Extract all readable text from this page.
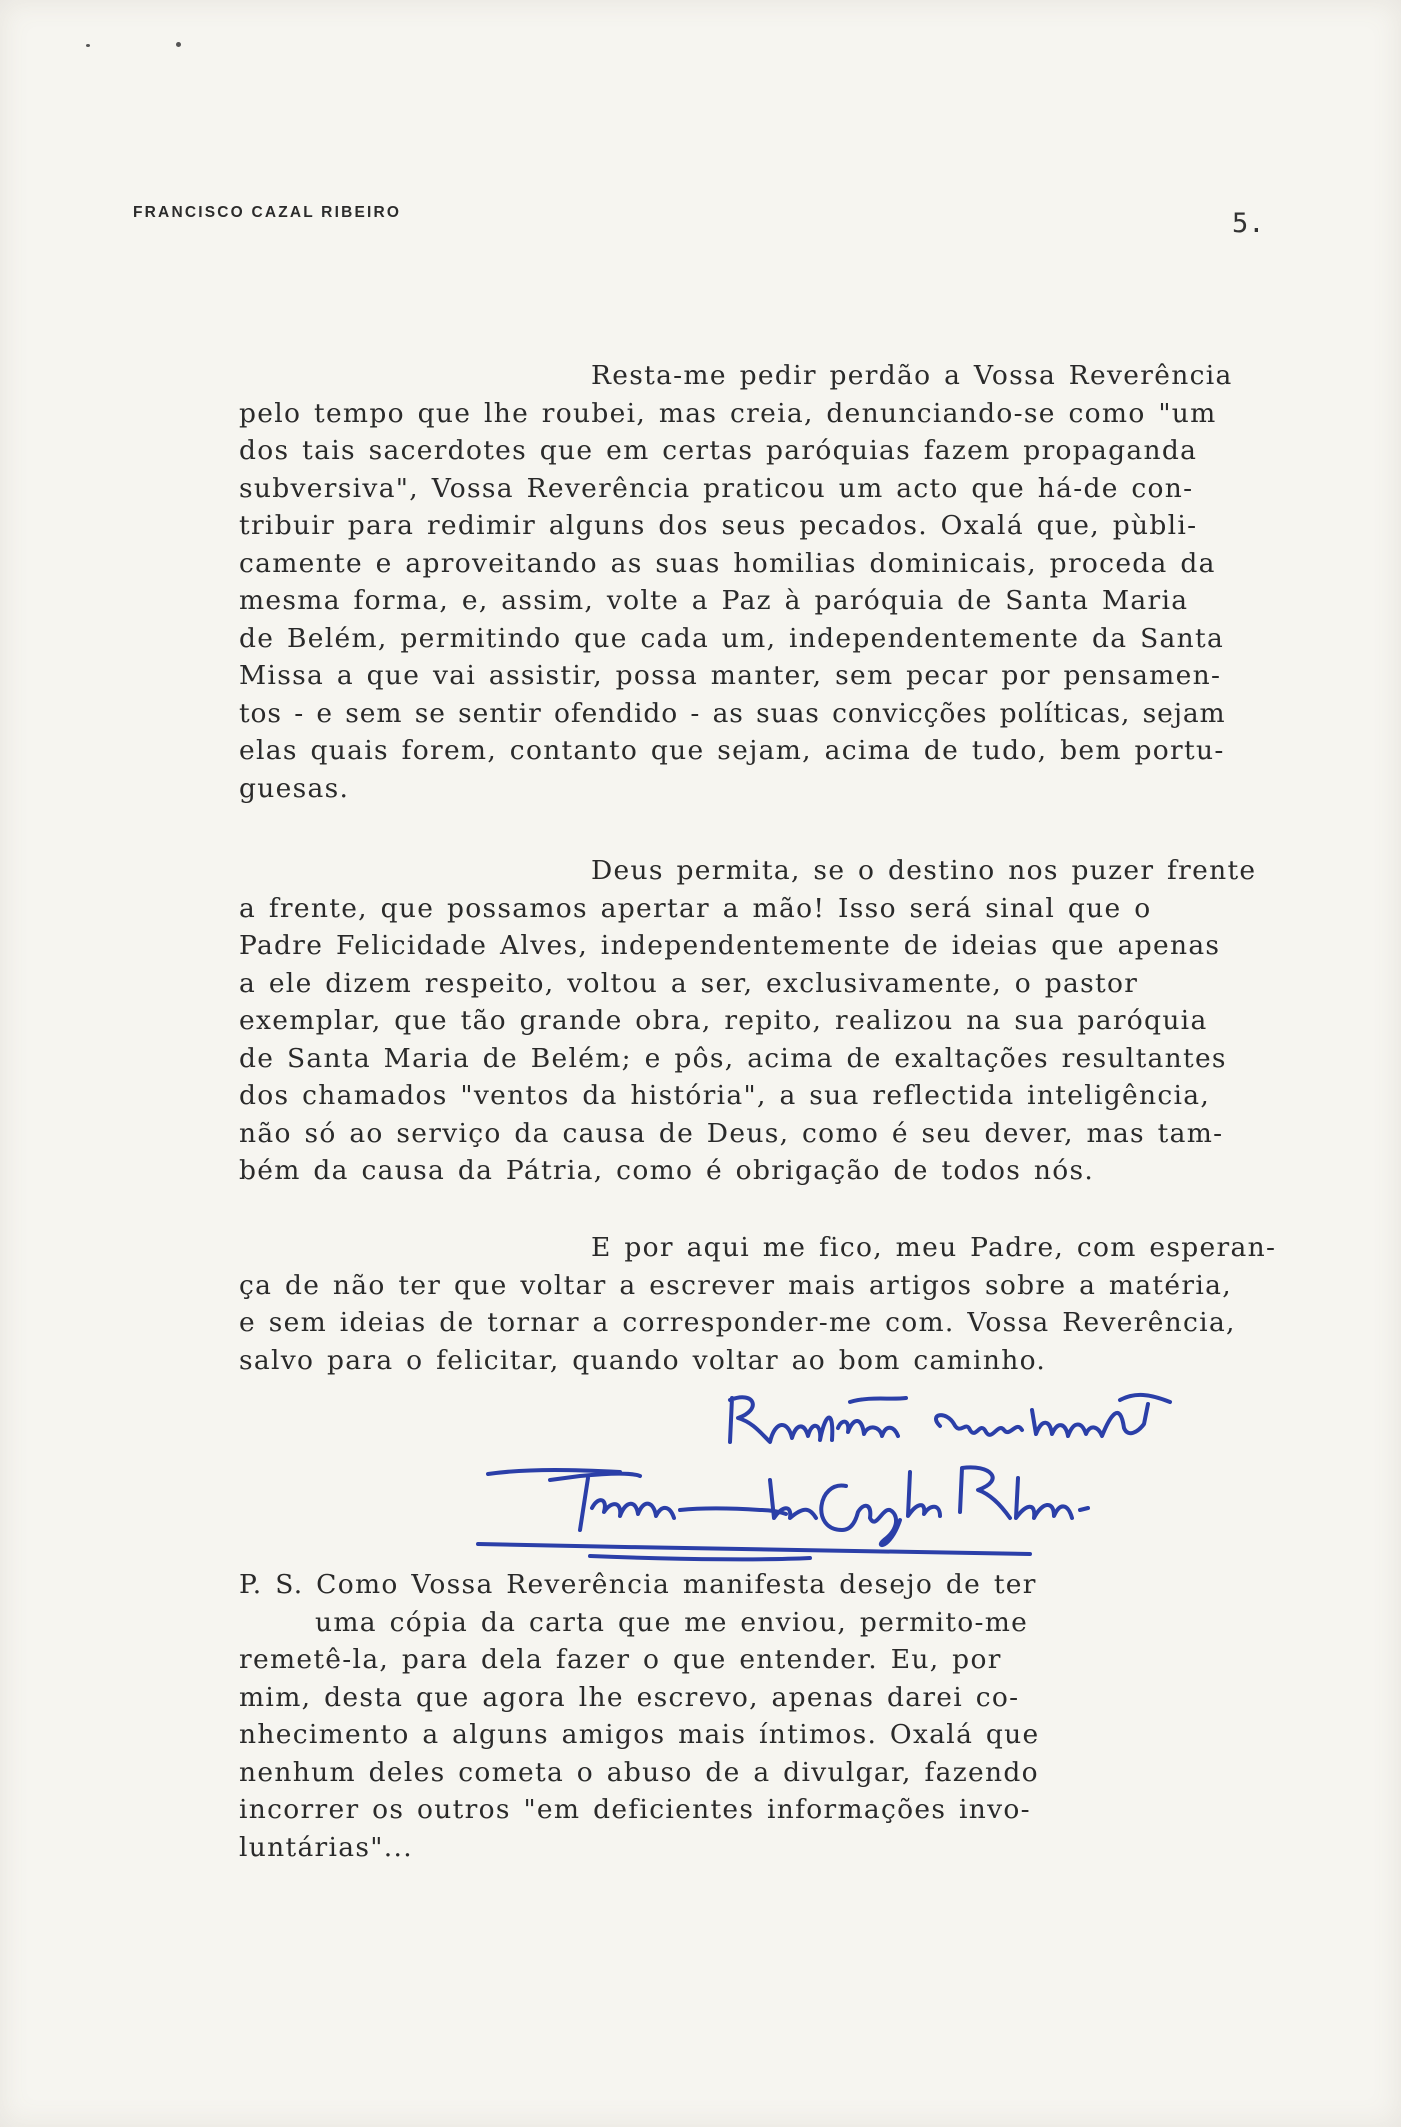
FRANCISCO CAZAL RIBEIRO	5.
Resta-me pedir perdão a Vossa Reverência
pelo tempo que lhe roubei, mas creia, denunciando-se como "um
dos tais sacerdotes que em certas paróquias fazem propaganda
subversiva", Vossa Reverência praticou um acto que há-de con-
tribuir para redimir alguns dos seus pecados. Oxalá que, pùbli-
camente e aproveitando as suas homilias dominicais, proceda da
mesma forma, e, assim, volte a Paz à paróquia de Santa Maria
de Belém, permitindo que cada um, independentemente da Santa
Missa a que vai assistir, possa manter, sem pecar por pensamen-
tos - e sem se sentir ofendido - as suas convicções políticas, sejam
elas quais forem, contanto que sejam, acima de tudo, bem portu-
guesas.
Deus permita, se o destino nos puzer frente
a frente, que possamos apertar a mão! Isso será sinal que o
Padre Felicidade Alves, independentemente de ideias que apenas
a ele dizem respeito, voltou a ser, exclusivamente, o pastor
exemplar, que tão grande obra, repito, realizou na sua paróquia
de Santa Maria de Belém; e pôs, acima de exaltações resultantes
dos chamados "ventos da história", a sua reflectida inteligência,
não só ao serviço da causa de Deus, como é seu dever, mas tam-
bém da causa da Pátria, como é obrigação de todos nós.
E por aqui me fico, meu Padre, com esperan-
ça de não ter que voltar a escrever mais artigos sobre a matéria,
e sem ideias de tornar a corresponder-me com. Vossa Reverência,
salvo para o felicitar, quando voltar ao bom caminho.
P. S. Como Vossa Reverência manifesta desejo de ter
uma cópia da carta que me enviou, permito-me
remetê-la, para dela fazer o que entender. Eu, por
mim, desta que agora lhe escrevo, apenas darei co-
nhecimento a alguns amigos mais íntimos. Oxalá que
nenhum deles cometa o abuso de a divulgar, fazendo
incorrer os outros "em deficientes informações invo-
luntárias"...
